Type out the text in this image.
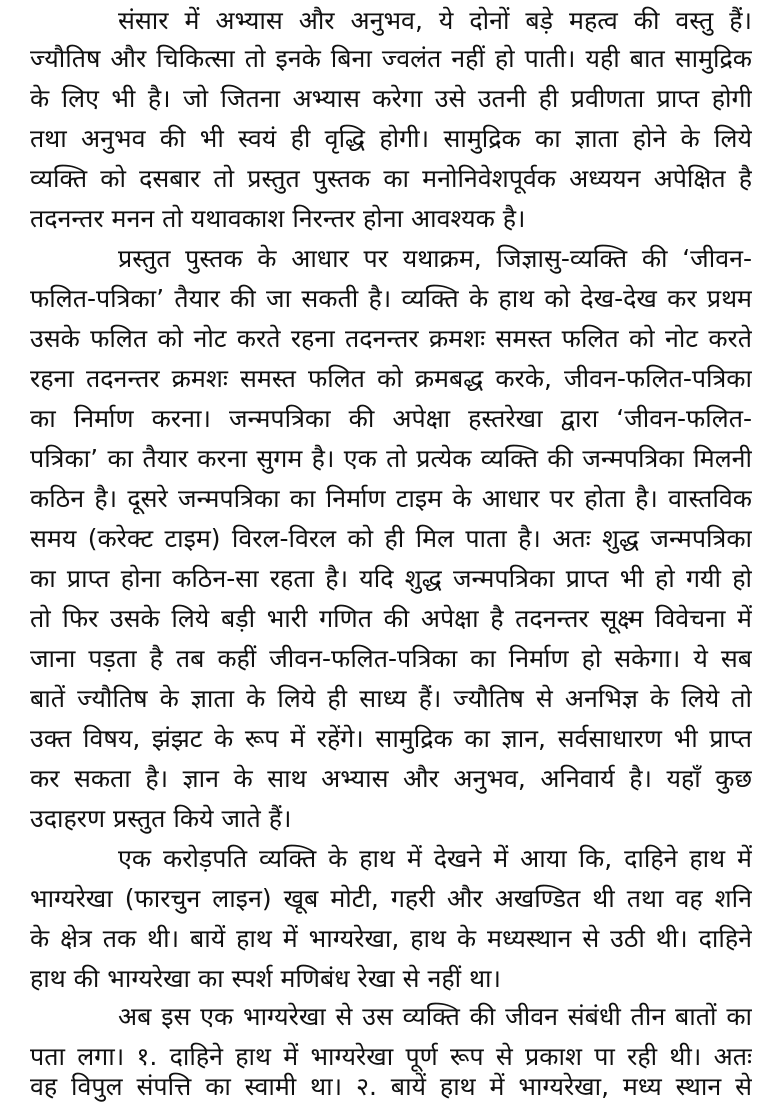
संसार में अभ्यास और अनुभव, ये दोनों बड़े महत्व की वस्तु हैं।
ज्यौतिष और चिकित्सा तो इनके बिना ज्वलंत नहीं हो पाती। यही बात सामुद्रिक
के लिए भी है। जो जितना अभ्यास करेगा उसे उतनी ही प्रवीणता प्राप्त होगी
तथा अनुभव की भी स्वयं ही वृद्धि होगी। सामुद्रिक का ज्ञाता होने के लिये
व्यक्ति को दसबार तो प्रस्तुत पुस्तक का मनोनिवेशपूर्वक अध्ययन अपेक्षित है
तदनन्तर मनन तो यथावकाश निरन्तर होना आवश्यक है।
प्रस्तुत पुस्तक के आधार पर यथाक्रम, जिज्ञासु-व्यक्ति की ‘जीवन-
फलित-पत्रिका’ तैयार की जा सकती है। व्यक्ति के हाथ को देख-देख कर प्रथम
उसके फलित को नोट करते रहना तदनन्तर क्रमशः समस्त फलित को नोट करते
रहना तदनन्तर क्रमशः समस्त फलित को क्रमबद्ध करके, जीवन-फलित-पत्रिका
का निर्माण करना। जन्मपत्रिका की अपेक्षा हस्तरेखा द्वारा ‘जीवन-फलित-
पत्रिका’ का तैयार करना सुगम है। एक तो प्रत्येक व्यक्ति की जन्मपत्रिका मिलनी
कठिन है। दूसरे जन्मपत्रिका का निर्माण टाइम के आधार पर होता है। वास्तविक
समय (करेक्ट टाइम) विरल-विरल को ही मिल पाता है। अतः शुद्ध जन्मपत्रिका
का प्राप्त होना कठिन-सा रहता है। यदि शुद्ध जन्मपत्रिका प्राप्त भी हो गयी हो
तो फिर उसके लिये बड़ी भारी गणित की अपेक्षा है तदनन्तर सूक्ष्म विवेचना में
जाना पड़ता है तब कहीं जीवन-फलित-पत्रिका का निर्माण हो सकेगा। ये सब
बातें ज्यौतिष के ज्ञाता के लिये ही साध्य हैं। ज्यौतिष से अनभिज्ञ के लिये तो
उक्त विषय, झंझट के रूप में रहेंगे। सामुद्रिक का ज्ञान, सर्वसाधारण भी प्राप्त
कर सकता है। ज्ञान के साथ अभ्यास और अनुभव, अनिवार्य है। यहाँ कुछ
उदाहरण प्रस्तुत किये जाते हैं।
एक करोड़पति व्यक्ति के हाथ में देखने में आया कि, दाहिने हाथ में
भाग्यरेखा (फारचुन लाइन) खूब मोटी, गहरी और अखण्डित थी तथा वह शनि
के क्षेत्र तक थी। बायें हाथ में भाग्यरेखा, हाथ के मध्यस्थान से उठी थी। दाहिने
हाथ की भाग्यरेखा का स्पर्श मणिबंध रेखा से नहीं था।
अब इस एक भाग्यरेखा से उस व्यक्ति की जीवन संबंधी तीन बातों का
पता लगा। १. दाहिने हाथ में भाग्यरेखा पूर्ण रूप से प्रकाश पा रही थी। अतः
वह विपुल संपत्ति का स्वामी था। २. बायें हाथ में भाग्यरेखा, मध्य स्थान से
